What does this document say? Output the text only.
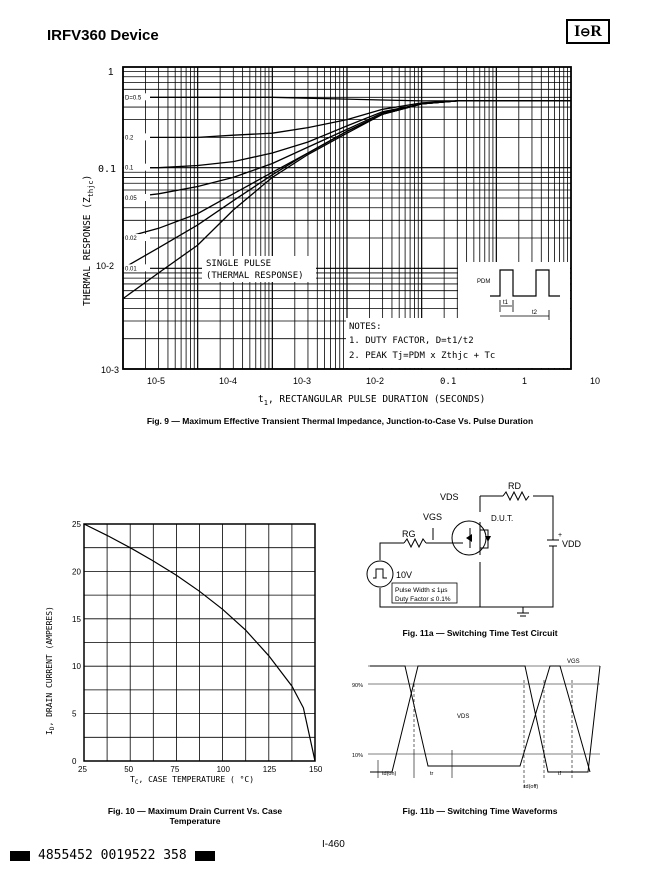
IRFV360 Device	I⊖R
D=0.5
0.2
0.1
0.05
0.02
0.01
SINGLE PULSE
(THERMAL RESPONSE)
NOTES:
1. DUTY FACTOR, D=t1/t2
2. PEAK Tj=PDM x Zthjc + Tc
PDM
t1
t2
1
0.1
10-2
10-3
10-5	10-4	10-3	10-2	0.1	1	10
THERMAL RESPONSE $(Z_{thjc})$
$t_1$, RECTANGULAR PULSE DURATION (SECONDS)
Fig. 9 — Maximum Effective Transient Thermal Impedance, Junction-to-Case Vs. Pulse Duration
25	50	75	100	125	150
0
5
10
15
20
25
$I_D$, DRAIN CURRENT (AMPERES)
$T_C$, CASE TEMPERATURE ( °C)
Fig. 10 — Maximum Drain Current Vs. Case
Temperature
VDS
RD
VGS	D.U.T.
RG
VDD
+
10V
Pulse Width ≤ 1µs
Duty Factor ≤ 0.1%
Fig. 11a — Switching Time Test Circuit
VGS
VDS
90%
10%
td(on)	tr
td(off)
tf
Fig. 11b — Switching Time Waveforms
I-460
4855452 0019522 358
